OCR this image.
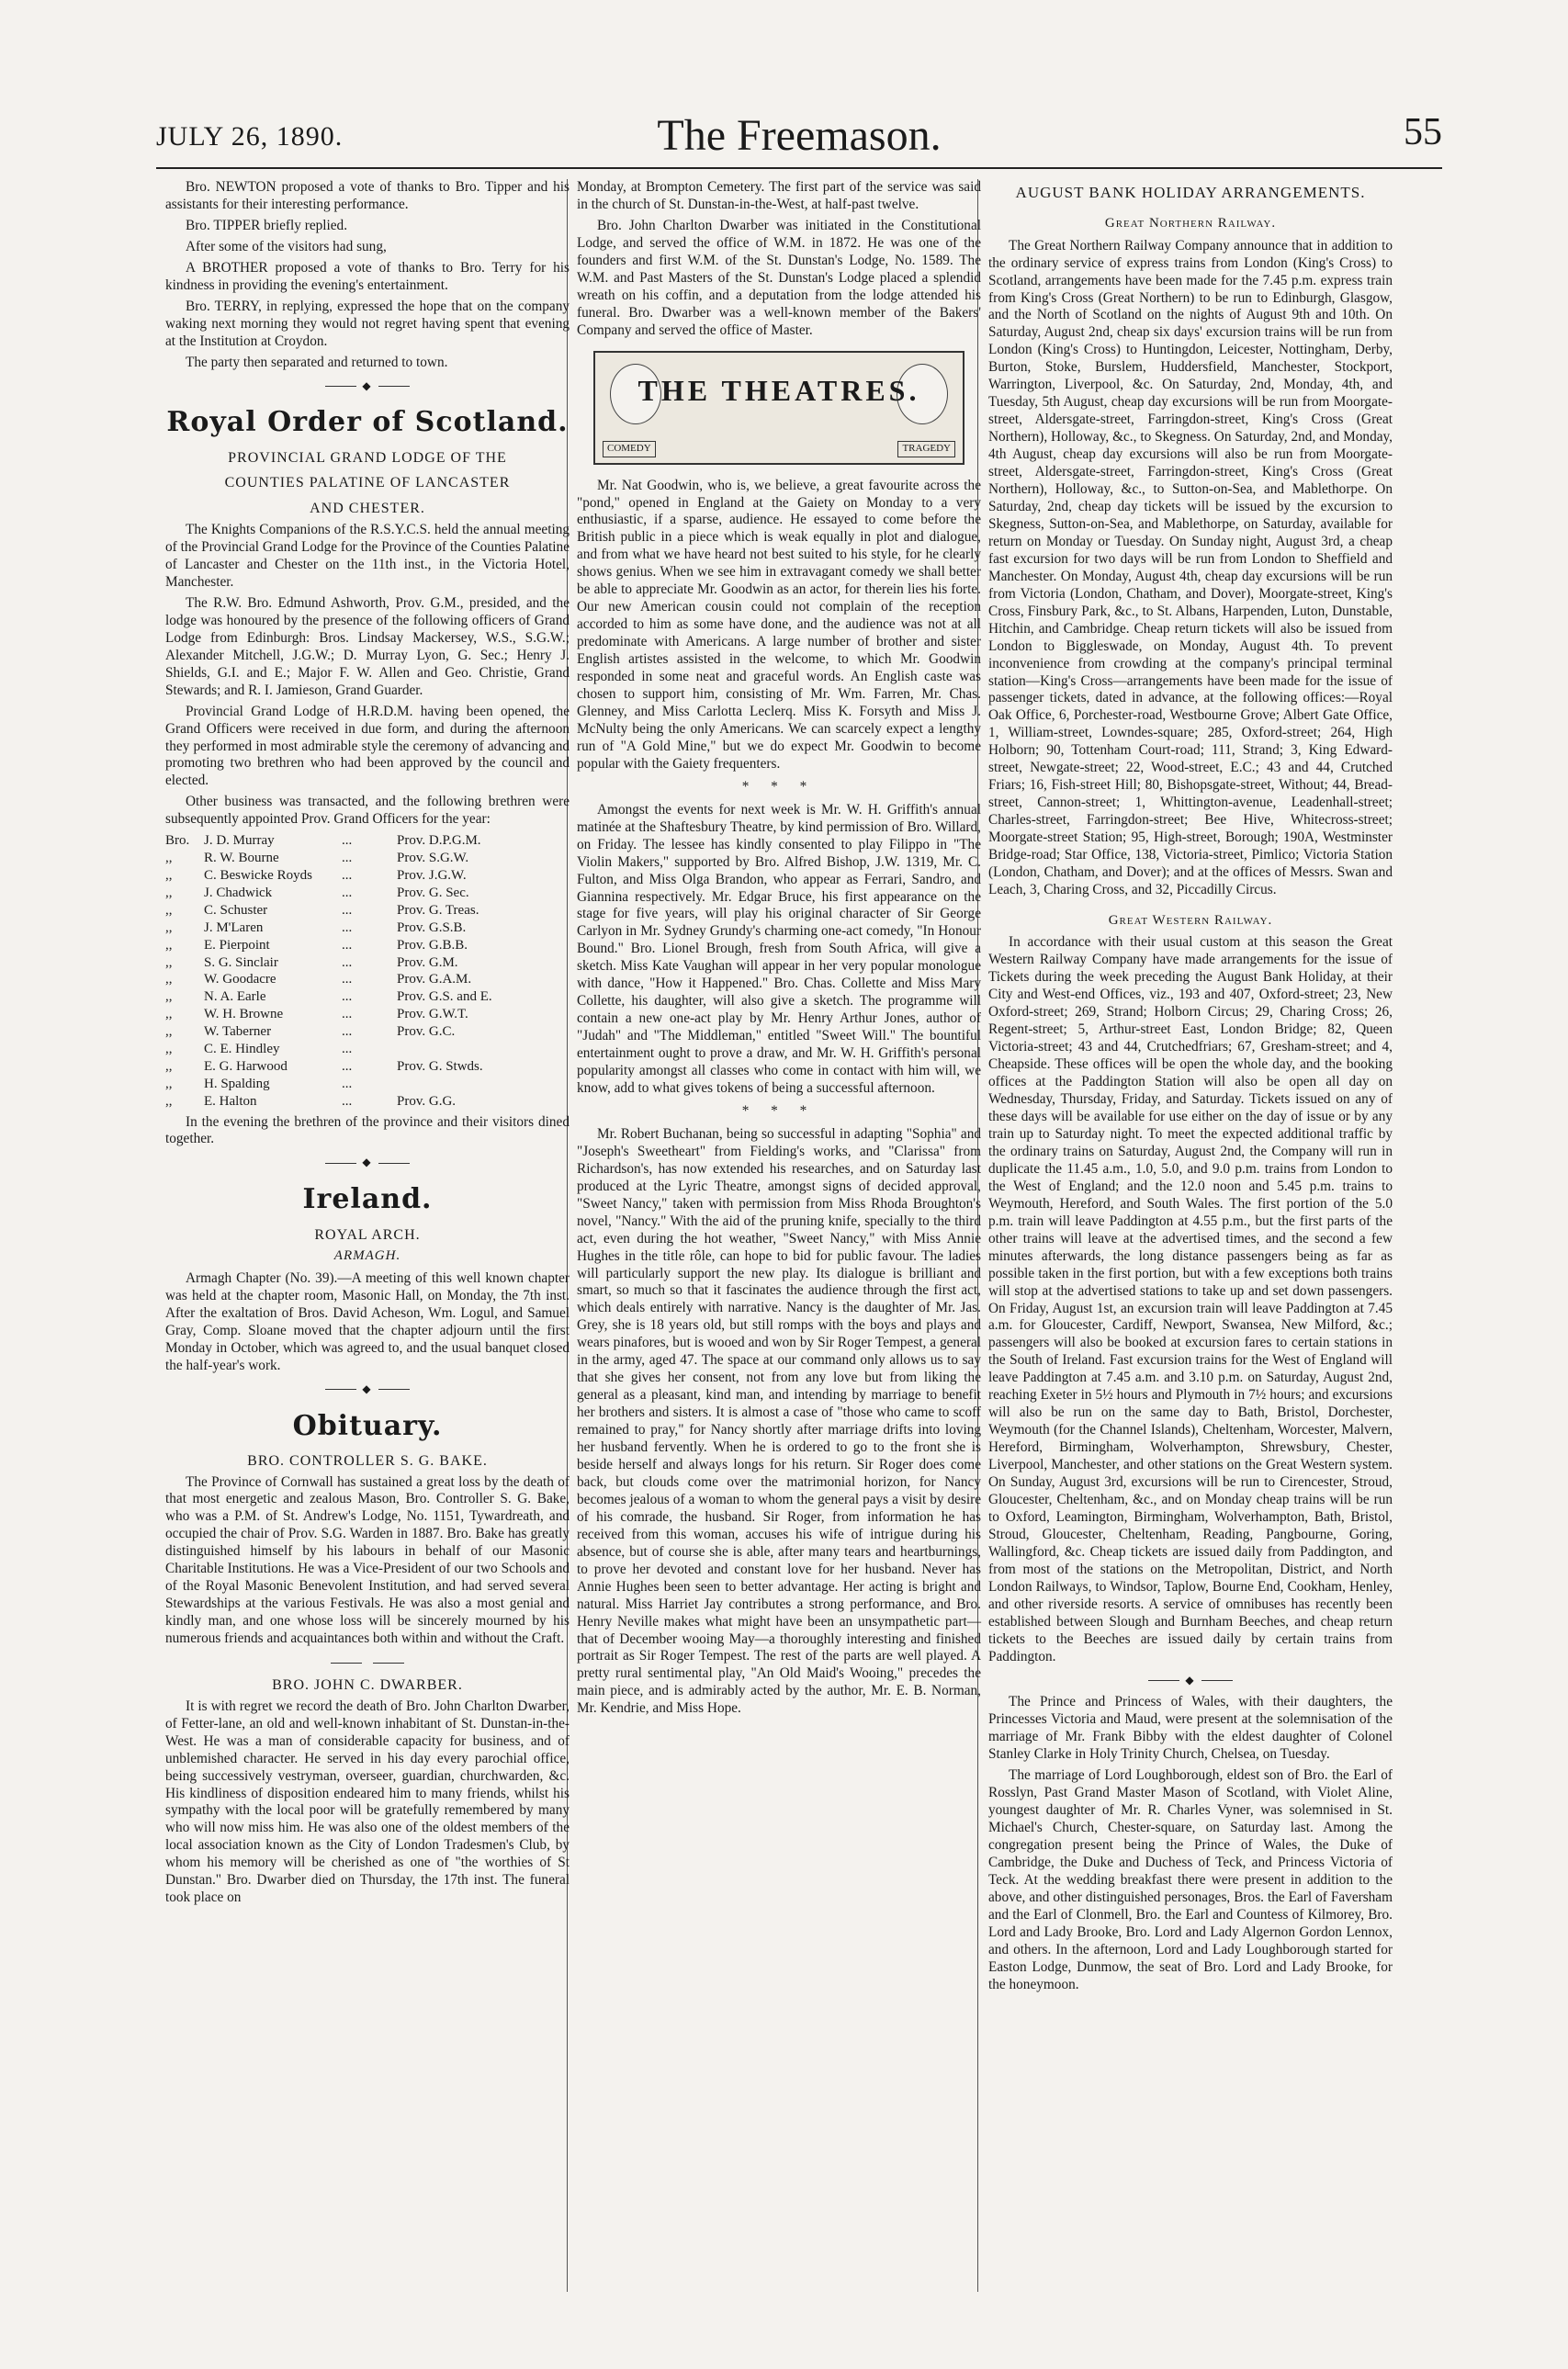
JULY 26, 1890.	The Freemason.	55

Bro. NEWTON proposed a vote of thanks to Bro. Tipper and his assistants for their interesting performance.

Bro. TIPPER briefly replied.

After some of the visitors had sung,

A BROTHER proposed a vote of thanks to Bro. Terry for his kindness in providing the evening's entertainment.

Bro. TERRY, in replying, expressed the hope that on the company waking next morning they would not regret having spent that evening at the Institution at Croydon.

The party then separated and returned to town.

◆
Royal Order of Scotland.
PROVINCIAL GRAND LODGE OF THE
COUNTIES PALATINE OF LANCASTER
AND CHESTER.

The Knights Companions of the R.S.Y.C.S. held the annual meeting of the Provincial Grand Lodge for the Province of the Counties Palatine of Lancaster and Chester on the 11th inst., in the Victoria Hotel, Manchester.

The R.W. Bro. Edmund Ashworth, Prov. G.M., presided, and the lodge was honoured by the presence of the following officers of Grand Lodge from Edinburgh: Bros. Lindsay Mackersey, W.S., S.G.W.; Alexander Mitchell, J.G.W.; D. Murray Lyon, G. Sec.; Henry J. Shields, G.I. and E.; Major F. W. Allen and Geo. Christie, Grand Stewards; and R. I. Jamieson, Grand Guarder.

Provincial Grand Lodge of H.R.D.M. having been opened, the Grand Officers were received in due form, and during the afternoon they performed in most admirable style the ceremony of advancing and promoting two brethren who had been approved by the council and elected.

Other business was transacted, and the following brethren were subsequently appointed Prov. Grand Officers for the year:

Bro.	J. D. Murray	...	Prov. D.P.G.M.
,,	R. W. Bourne	...	Prov. S.G.W.
,,	C. Beswicke Royds	...	Prov. J.G.W.
,,	J. Chadwick	...	Prov. G. Sec.
,,	C. Schuster	...	Prov. G. Treas.
,,	J. M'Laren	...	Prov. G.S.B.
,,	E. Pierpoint	...	Prov. G.B.B.
,,	S. G. Sinclair	...	Prov. G.M.
,,	W. Goodacre	...	Prov. G.A.M.
,,	N. A. Earle	...	Prov. G.S. and E.
,,	W. H. Browne	...	Prov. G.W.T.
,,	W. Taberner	...	Prov. G.C.
,,	C. E. Hindley	...
,,	E. G. Harwood	...	Prov. G. Stwds.
,,	H. Spalding	...
,,	E. Halton	...	Prov. G.G.

In the evening the brethren of the province and their visitors dined together.

◆
Ireland.
ROYAL ARCH.
ARMAGH.

Armagh Chapter (No. 39).—A meeting of this well known chapter was held at the chapter room, Masonic Hall, on Monday, the 7th inst. After the exaltation of Bros. David Acheson, Wm. Logul, and Samuel Gray, Comp. Sloane moved that the chapter adjourn until the first Monday in October, which was agreed to, and the usual banquet closed the half-year's work.

◆
Obituary.
BRO. CONTROLLER S. G. BAKE.

The Province of Cornwall has sustained a great loss by the death of that most energetic and zealous Mason, Bro. Controller S. G. Bake, who was a P.M. of St. Andrew's Lodge, No. 1151, Tywardreath, and occupied the chair of Prov. S.G. Warden in 1887. Bro. Bake has greatly distinguished himself by his labours in behalf of our Masonic Charitable Institutions. He was a Vice-President of our two Schools and of the Royal Masonic Benevolent Institution, and had served several Stewardships at the various Festivals. He was also a most genial and kindly man, and one whose loss will be sincerely mourned by his numerous friends and acquaintances both within and without the Craft.

BRO. JOHN C. DWARBER.

It is with regret we record the death of Bro. John Charlton Dwarber, of Fetter-lane, an old and well-known inhabitant of St. Dunstan-in-the-West. He was a man of considerable capacity for business, and of unblemished character. He served in his day every parochial office, being successively vestryman, overseer, guardian, churchwarden, &c. His kindliness of disposition endeared him to many friends, whilst his sympathy with the local poor will be gratefully remembered by many who will now miss him. He was also one of the oldest members of the local association known as the City of London Tradesmen's Club, by whom his memory will be cherished as one of "the worthies of St Dunstan." Bro. Dwarber died on Thursday, the 17th inst. The funeral took place on

Monday, at Brompton Cemetery. The first part of the service was said in the church of St. Dunstan-in-the-West, at half-past twelve.

Bro. John Charlton Dwarber was initiated in the Constitutional Lodge, and served the office of W.M. in 1872. He was one of the founders and first W.M. of the St. Dunstan's Lodge, No. 1589. The W.M. and Past Masters of the St. Dunstan's Lodge placed a splendid wreath on his coffin, and a deputation from the lodge attended his funeral. Bro. Dwarber was a well-known member of the Bakers' Company and served the office of Master.

THE THEATRES.
COMEDY	TRAGEDY

Mr. Nat Goodwin, who is, we believe, a great favourite across the "pond," opened in England at the Gaiety on Monday to a very enthusiastic, if a sparse, audience. He essayed to come before the British public in a piece which is weak equally in plot and dialogue, and from what we have heard not best suited to his style, for he clearly shows genius. When we see him in extravagant comedy we shall better be able to appreciate Mr. Goodwin as an actor, for therein lies his forte. Our new American cousin could not complain of the reception accorded to him as some have done, and the audience was not at all predominate with Americans. A large number of brother and sister English artistes assisted in the welcome, to which Mr. Goodwin responded in some neat and graceful words. An English caste was chosen to support him, consisting of Mr. Wm. Farren, Mr. Chas. Glenney, and Miss Carlotta Leclerq. Miss K. Forsyth and Miss J. McNulty being the only Americans. We can scarcely expect a lengthy run of "A Gold Mine," but we do expect Mr. Goodwin to become popular with the Gaiety frequenters.

* * *

Amongst the events for next week is Mr. W. H. Griffith's annual matinée at the Shaftesbury Theatre, by kind permission of Bro. Willard, on Friday. The lessee has kindly consented to play Filippo in "The Violin Makers," supported by Bro. Alfred Bishop, J.W. 1319, Mr. C. Fulton, and Miss Olga Brandon, who appear as Ferrari, Sandro, and Giannina respectively. Mr. Edgar Bruce, his first appearance on the stage for five years, will play his original character of Sir George Carlyon in Mr. Sydney Grundy's charming one-act comedy, "In Honour Bound." Bro. Lionel Brough, fresh from South Africa, will give a sketch. Miss Kate Vaughan will appear in her very popular monologue with dance, "How it Happened." Bro. Chas. Collette and Miss Mary Collette, his daughter, will also give a sketch. The programme will contain a new one-act play by Mr. Henry Arthur Jones, author of "Judah" and "The Middleman," entitled "Sweet Will." The bountiful entertainment ought to prove a draw, and Mr. W. H. Griffith's personal popularity amongst all classes who come in contact with him will, we know, add to what gives tokens of being a successful afternoon.

* * *

Mr. Robert Buchanan, being so successful in adapting "Sophia" and "Joseph's Sweetheart" from Fielding's works, and "Clarissa" from Richardson's, has now extended his researches, and on Saturday last produced at the Lyric Theatre, amongst signs of decided approval, "Sweet Nancy," taken with permission from Miss Rhoda Broughton's novel, "Nancy." With the aid of the pruning knife, specially to the third act, even during the hot weather, "Sweet Nancy," with Miss Annie Hughes in the title rôle, can hope to bid for public favour. The ladies will particularly support the new play. Its dialogue is brilliant and smart, so much so that it fascinates the audience through the first act, which deals entirely with narrative. Nancy is the daughter of Mr. Jas. Grey, she is 18 years old, but still romps with the boys and plays and wears pinafores, but is wooed and won by Sir Roger Tempest, a general in the army, aged 47. The space at our command only allows us to say that she gives her consent, not from any love but from liking the general as a pleasant, kind man, and intending by marriage to benefit her brothers and sisters. It is almost a case of "those who came to scoff remained to pray," for Nancy shortly after marriage drifts into loving her husband fervently. When he is ordered to go to the front she is beside herself and always longs for his return. Sir Roger does come back, but clouds come over the matrimonial horizon, for Nancy becomes jealous of a woman to whom the general pays a visit by desire of his comrade, the husband. Sir Roger, from information he has received from this woman, accuses his wife of intrigue during his absence, but of course she is able, after many tears and heartburnings, to prove her devoted and constant love for her husband. Never has Annie Hughes been seen to better advantage. Her acting is bright and natural. Miss Harriet Jay contributes a strong performance, and Bro. Henry Neville makes what might have been an unsympathetic part—that of December wooing May—a thoroughly interesting and finished portrait as Sir Roger Tempest. The rest of the parts are well played. A pretty rural sentimental play, "An Old Maid's Wooing," precedes the main piece, and is admirably acted by the author, Mr. E. B. Norman, Mr. Kendrie, and Miss Hope.

AUGUST BANK HOLIDAY ARRANGEMENTS.
Great Northern Railway.

The Great Northern Railway Company announce that in addition to the ordinary service of express trains from London (King's Cross) to Scotland, arrangements have been made for the 7.45 p.m. express train from King's Cross (Great Northern) to be run to Edinburgh, Glasgow, and the North of Scotland on the nights of August 9th and 10th. On Saturday, August 2nd, cheap six days' excursion trains will be run from London (King's Cross) to Huntingdon, Leicester, Nottingham, Derby, Burton, Stoke, Burslem, Huddersfield, Manchester, Stockport, Warrington, Liverpool, &c. On Saturday, 2nd, Monday, 4th, and Tuesday, 5th August, cheap day excursions will be run from Moorgate-street, Aldersgate-street, Farringdon-street, King's Cross (Great Northern), Holloway, &c., to Skegness. On Saturday, 2nd, and Monday, 4th August, cheap day excursions will also be run from Moorgate-street, Aldersgate-street, Farringdon-street, King's Cross (Great Northern), Holloway, &c., to Sutton-on-Sea, and Mablethorpe. On Saturday, 2nd, cheap day tickets will be issued by the excursion to Skegness, Sutton-on-Sea, and Mablethorpe, on Saturday, available for return on Monday or Tuesday. On Sunday night, August 3rd, a cheap fast excursion for two days will be run from London to Sheffield and Manchester. On Monday, August 4th, cheap day excursions will be run from Victoria (London, Chatham, and Dover), Moorgate-street, King's Cross, Finsbury Park, &c., to St. Albans, Harpenden, Luton, Dunstable, Hitchin, and Cambridge. Cheap return tickets will also be issued from London to Biggleswade, on Monday, August 4th. To prevent inconvenience from crowding at the company's principal terminal station—King's Cross—arrangements have been made for the issue of passenger tickets, dated in advance, at the following offices:—Royal Oak Office, 6, Porchester-road, Westbourne Grove; Albert Gate Office, 1, William-street, Lowndes-square; 285, Oxford-street; 264, High Holborn; 90, Tottenham Court-road; 111, Strand; 3, King Edward-street, Newgate-street; 22, Wood-street, E.C.; 43 and 44, Crutched Friars; 16, Fish-street Hill; 80, Bishopsgate-street, Without; 44, Bread-street, Cannon-street; 1, Whittington-avenue, Leadenhall-street; Charles-street, Farringdon-street; Bee Hive, Whitecross-street; Moorgate-street Station; 95, High-street, Borough; 190A, Westminster Bridge-road; Star Office, 138, Victoria-street, Pimlico; Victoria Station (London, Chatham, and Dover); and at the offices of Messrs. Swan and Leach, 3, Charing Cross, and 32, Piccadilly Circus.

Great Western Railway.

In accordance with their usual custom at this season the Great Western Railway Company have made arrangements for the issue of Tickets during the week preceding the August Bank Holiday, at their City and West-end Offices, viz., 193 and 407, Oxford-street; 23, New Oxford-street; 269, Strand; Holborn Circus; 29, Charing Cross; 26, Regent-street; 5, Arthur-street East, London Bridge; 82, Queen Victoria-street; 43 and 44, Crutchedfriars; 67, Gresham-street; and 4, Cheapside. These offices will be open the whole day, and the booking offices at the Paddington Station will also be open all day on Wednesday, Thursday, Friday, and Saturday. Tickets issued on any of these days will be available for use either on the day of issue or by any train up to Saturday night. To meet the expected additional traffic by the ordinary trains on Saturday, August 2nd, the Company will run in duplicate the 11.45 a.m., 1.0, 5.0, and 9.0 p.m. trains from London to the West of England; and the 12.0 noon and 5.45 p.m. trains to Weymouth, Hereford, and South Wales. The first portion of the 5.0 p.m. train will leave Paddington at 4.55 p.m., but the first parts of the other trains will leave at the advertised times, and the second a few minutes afterwards, the long distance passengers being as far as possible taken in the first portion, but with a few exceptions both trains will stop at the advertised stations to take up and set down passengers. On Friday, August 1st, an excursion train will leave Paddington at 7.45 a.m. for Gloucester, Cardiff, Newport, Swansea, New Milford, &c.; passengers will also be booked at excursion fares to certain stations in the South of Ireland. Fast excursion trains for the West of England will leave Paddington at 7.45 a.m. and 3.10 p.m. on Saturday, August 2nd, reaching Exeter in 5½ hours and Plymouth in 7½ hours; and excursions will also be run on the same day to Bath, Bristol, Dorchester, Weymouth (for the Channel Islands), Cheltenham, Worcester, Malvern, Hereford, Birmingham, Wolverhampton, Shrewsbury, Chester, Liverpool, Manchester, and other stations on the Great Western system. On Sunday, August 3rd, excursions will be run to Cirencester, Stroud, Gloucester, Cheltenham, &c., and on Monday cheap trains will be run to Oxford, Leamington, Birmingham, Wolverhampton, Bath, Bristol, Stroud, Gloucester, Cheltenham, Reading, Pangbourne, Goring, Wallingford, &c. Cheap tickets are issued daily from Paddington, and from most of the stations on the Metropolitan, District, and North London Railways, to Windsor, Taplow, Bourne End, Cookham, Henley, and other riverside resorts. A service of omnibuses has recently been established between Slough and Burnham Beeches, and cheap return tickets to the Beeches are issued daily by certain trains from Paddington.

◆

The Prince and Princess of Wales, with their daughters, the Princesses Victoria and Maud, were present at the solemnisation of the marriage of Mr. Frank Bibby with the eldest daughter of Colonel Stanley Clarke in Holy Trinity Church, Chelsea, on Tuesday.

The marriage of Lord Loughborough, eldest son of Bro. the Earl of Rosslyn, Past Grand Master Mason of Scotland, with Violet Aline, youngest daughter of Mr. R. Charles Vyner, was solemnised in St. Michael's Church, Chester-square, on Saturday last. Among the congregation present being the Prince of Wales, the Duke of Cambridge, the Duke and Duchess of Teck, and Princess Victoria of Teck. At the wedding breakfast there were present in addition to the above, and other distinguished personages, Bros. the Earl of Faversham and the Earl of Clonmell, Bro. the Earl and Countess of Kilmorey, Bro. Lord and Lady Brooke, Bro. Lord and Lady Algernon Gordon Lennox, and others. In the afternoon, Lord and Lady Loughborough started for Easton Lodge, Dunmow, the seat of Bro. Lord and Lady Brooke, for the honeymoon.
